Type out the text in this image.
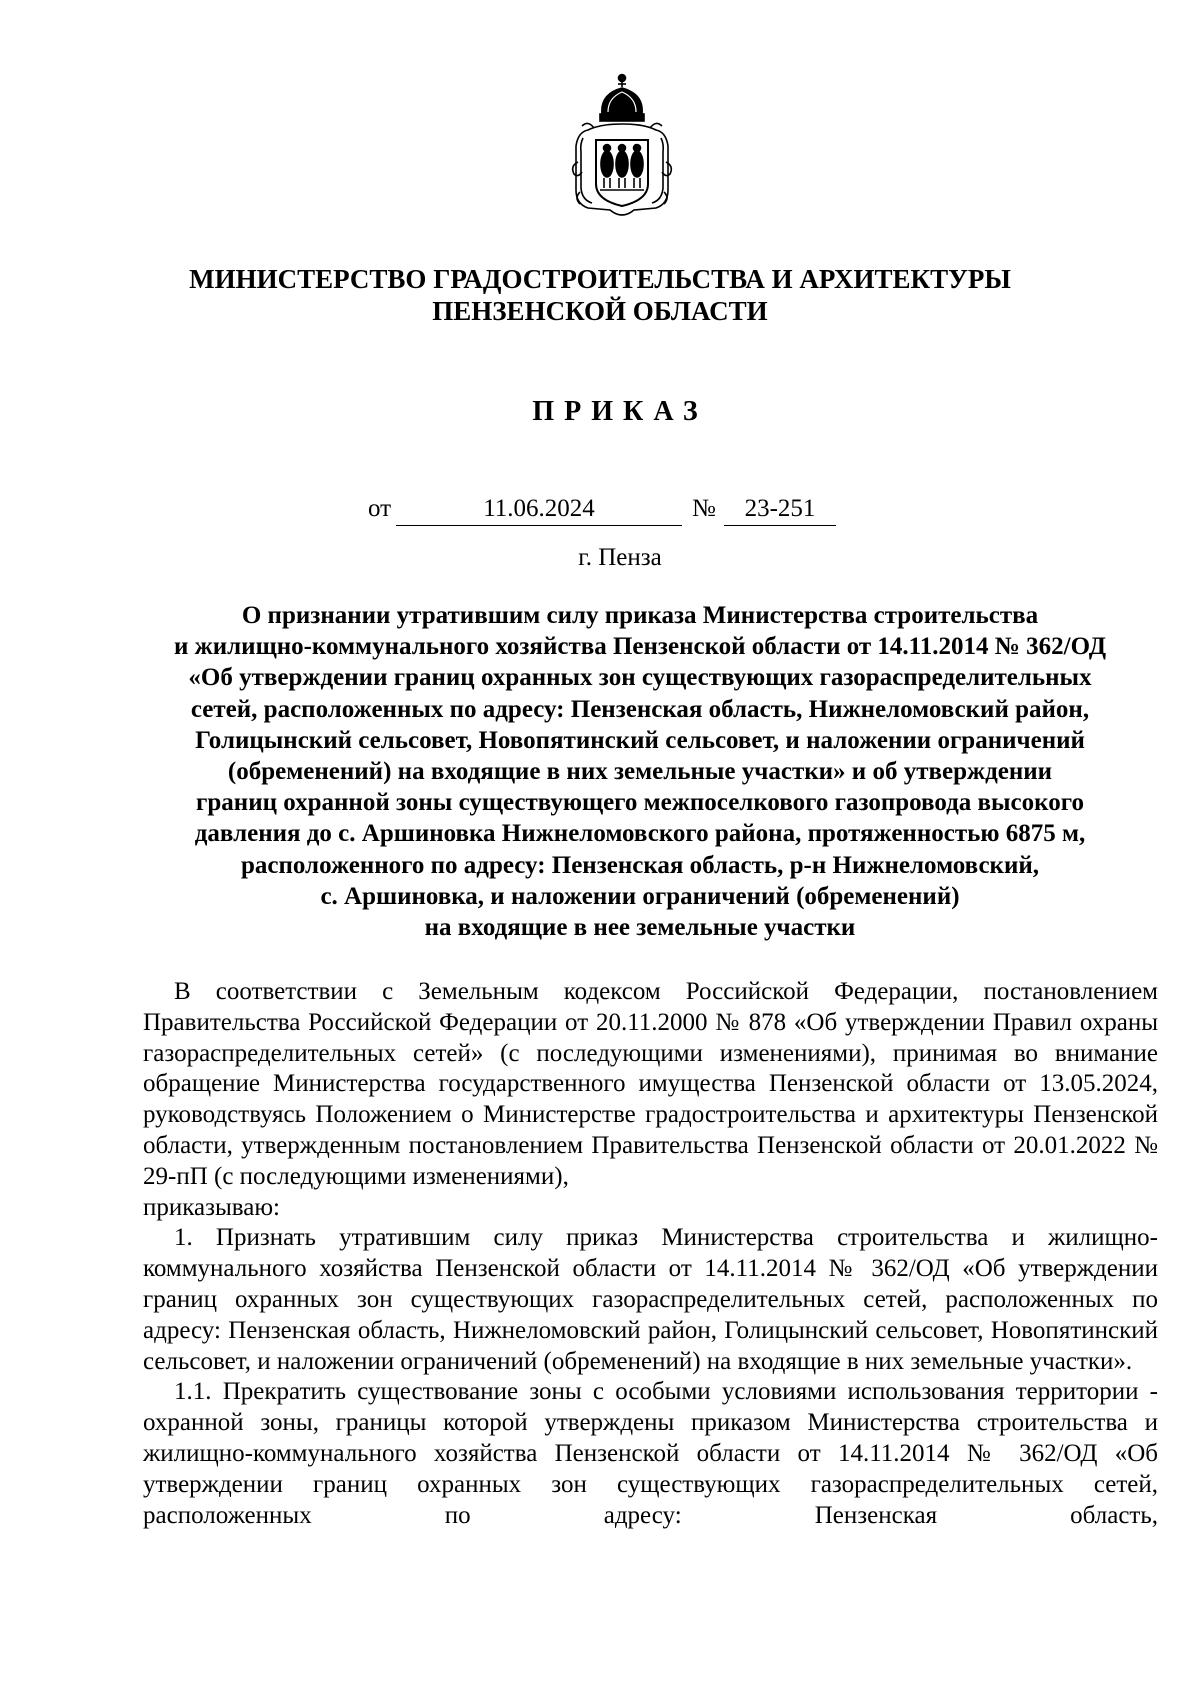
МИНИСТЕРСТВО ГРАДОСТРОИТЕЛЬСТВА И АРХИТЕКТУРЫ
ПЕНЗЕНСКОЙ ОБЛАСТИ
ПРИКАЗ
от	11.06.2024	№	23-251
г. Пенза
О признании утратившим силу приказа Министерства строительства
и жилищно-коммунального хозяйства Пензенской области от 14.11.2014 № 362/ОД
«Об утверждении границ охранных зон существующих газораспределительных
сетей, расположенных по адресу: Пензенская область, Нижнеломовский район,
Голицынский сельсовет, Новопятинский сельсовет, и наложении ограничений
(обременений) на входящие в них земельные участки» и об утверждении
границ охранной зоны существующего межпоселкового газопровода высокого
давления до с. Аршиновка Нижнеломовского района, протяженностью 6875 м,
расположенного по адресу: Пензенская область, р-н Нижнеломовский,
с. Аршиновка, и наложении ограничений (обременений)
на входящие в нее земельные участки

В соответствии с Земельным кодексом Российской Федерации, постановлением Правительства Российской Федерации от 20.11.2000 № 878 «Об утверждении Правил охраны газораспределительных сетей» (с последующими изменениями), принимая во внимание обращение Министерства государственного имущества Пензенской области от 13.05.2024, руководствуясь Положением о Министерстве градостроительства и архитектуры Пензенской области, утвержденным постановлением Правительства Пензенской области от 20.01.2022 № 29-пП (с последующими изменениями),

приказываю:

1. Признать утратившим силу приказ Министерства строительства и жилищно-коммунального хозяйства Пензенской области от 14.11.2014 № 362/ОД «Об утверждении границ охранных зон существующих газораспределительных сетей, расположенных по адресу: Пензенская область, Нижнеломовский район, Голицынский сельсовет, Новопятинский сельсовет, и наложении ограничений (обременений) на входящие в них земельные участки».

1.1. Прекратить существование зоны с особыми условиями использования территории - охранной зоны, границы которой утверждены приказом Министерства строительства и жилищно-коммунального хозяйства Пензенской области от 14.11.2014 № 362/ОД «Об утверждении границ охранных зон существующих газораспределительных сетей, расположенных по адресу: Пензенская область,
